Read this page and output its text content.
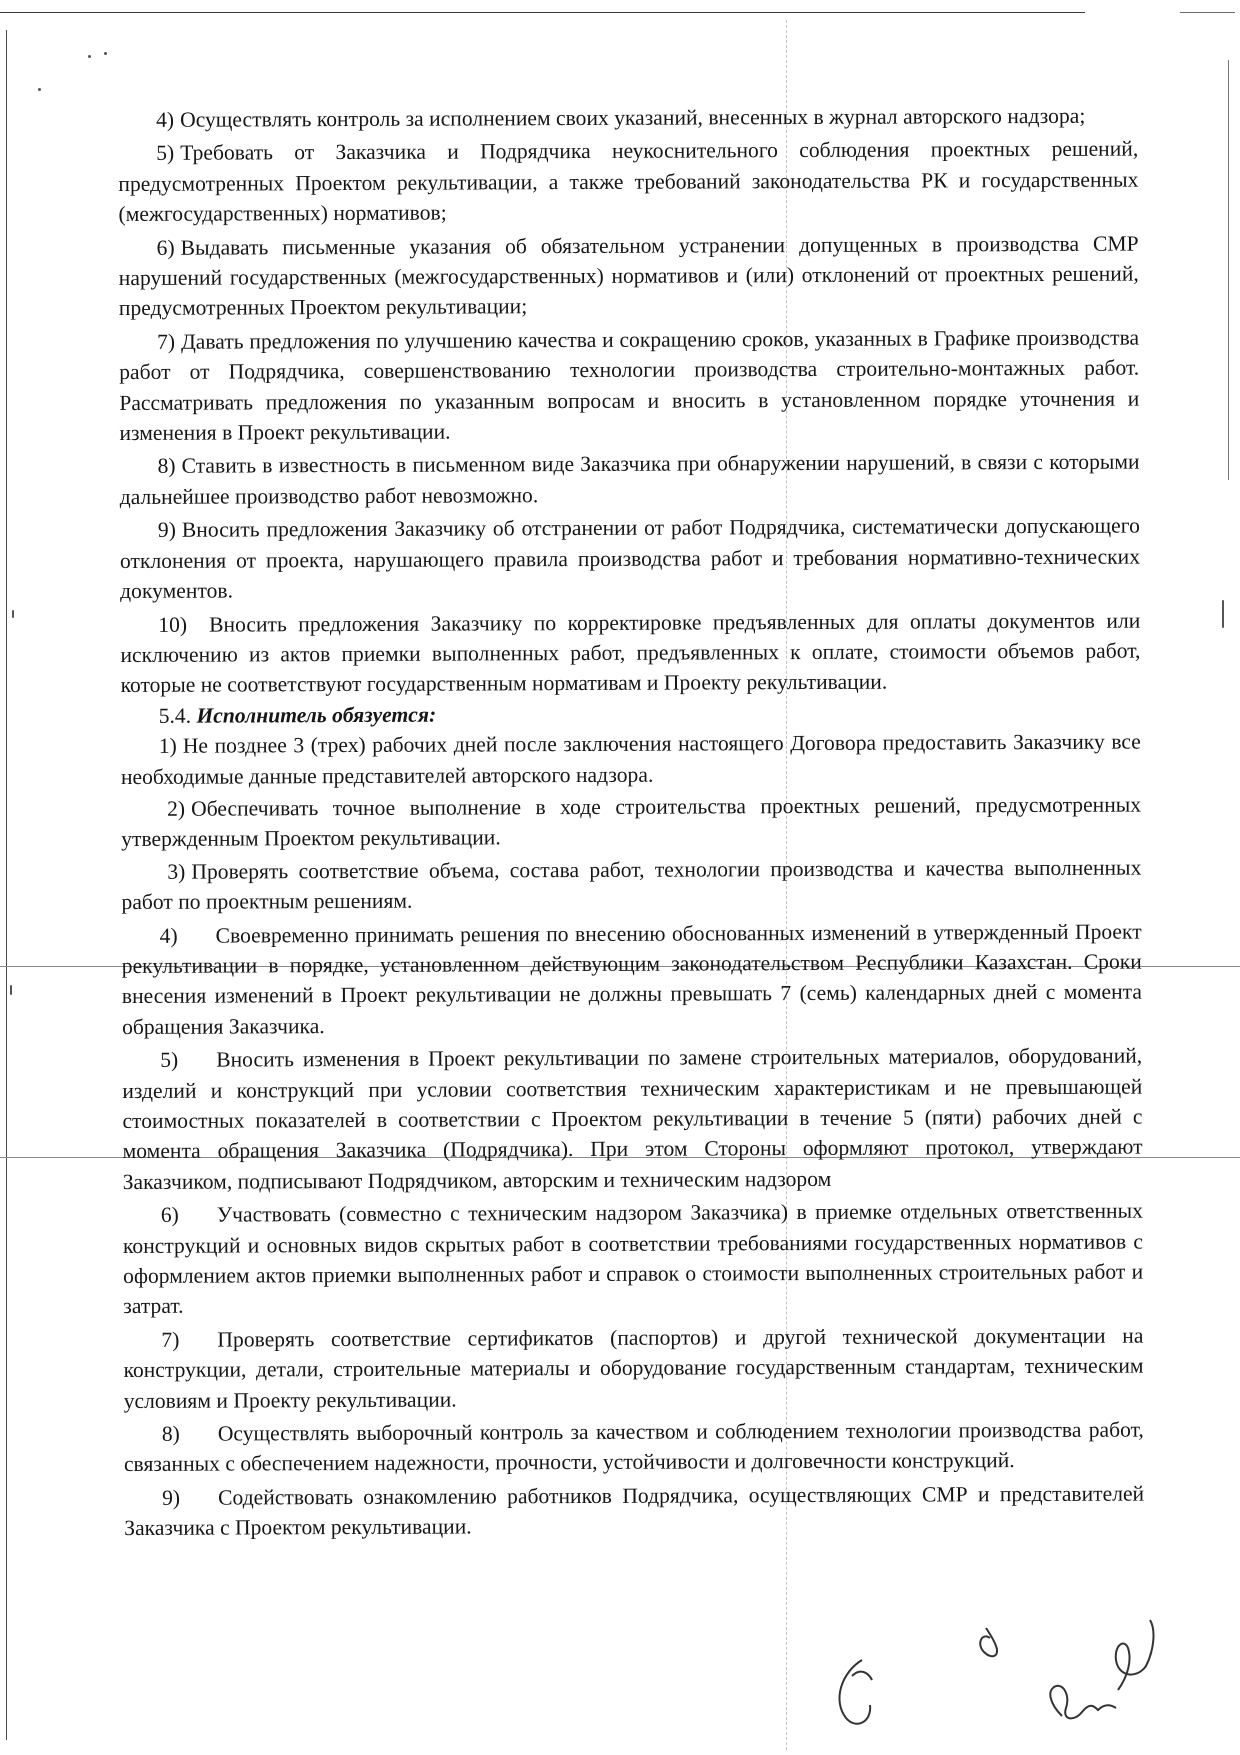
4) Осуществлять контроль за исполнением своих указаний, внесенных в журнал авторского надзора;

5) Требовать от Заказчика и Подрядчика неукоснительного соблюдения проектных решений, предусмотренных Проектом рекультивации, а также требований законодательства РК и государственных (межгосударственных) нормативов;

6) Выдавать письменные указания об обязательном устранении допущенных в производства СМР нарушений государственных (межгосударственных) нормативов и (или) отклонений от проектных решений, предусмотренных Проектом рекультивации;

7) Давать предложения по улучшению качества и сокращению сроков, указанных в Графике производства работ от Подрядчика, совершенствованию технологии производства строительно-монтажных работ. Рассматривать предложения по указанным вопросам и вносить в установленном порядке уточнения и изменения в Проект рекультивации.

8) Ставить в известность в письменном виде Заказчика при обнаружении нарушений, в связи с которыми дальнейшее производство работ невозможно.

9) Вносить предложения Заказчику об отстранении от работ Подрядчика, систематически допускающего отклонения от проекта, нарушающего правила производства работ и требования нормативно-технических документов.

10) Вносить предложения Заказчику по корректировке предъявленных для оплаты документов или исключению из актов приемки выполненных работ, предъявленных к оплате, стоимости объемов работ, которые не соответствуют государственным нормативам и Проекту рекультивации.

5.4. Исполнитель обязуется:

1) Не позднее 3 (трех) рабочих дней после заключения настоящего Договора предоставить Заказчику все необходимые данные представителей авторского надзора.

2) Обеспечивать точное выполнение в ходе строительства проектных решений, предусмотренных утвержденным Проектом рекультивации.

3) Проверять соответствие объема, состава работ, технологии производства и качества выполненных работ по проектным решениям.

4) Своевременно принимать решения по внесению обоснованных изменений в утвержденный Проект рекультивации в порядке, установленном действующим законодательством Республики Казахстан. Сроки внесения изменений в Проект рекультивации не должны превышать 7 (семь) календарных дней с момента обращения Заказчика.

5) Вносить изменения в Проект рекультивации по замене строительных материалов, оборудований, изделий и конструкций при условии соответствия техническим характеристикам и не превышающей стоимостных показателей в соответствии с Проектом рекультивации в течение 5 (пяти) рабочих дней с момента обращения Заказчика (Подрядчика). При этом Стороны оформляют протокол, утверждают Заказчиком, подписывают Подрядчиком, авторским и техническим надзором

6) Участвовать (совместно с техническим надзором Заказчика) в приемке отдельных ответственных конструкций и основных видов скрытых работ в соответствии требованиями государственных нормативов с оформлением актов приемки выполненных работ и справок о стоимости выполненных строительных работ и затрат.

7) Проверять соответствие сертификатов (паспортов) и другой технической документации на конструкции, детали, строительные материалы и оборудование государственным стандартам, техническим условиям и Проекту рекультивации.

8) Осуществлять выборочный контроль за качеством и соблюдением технологии производства работ, связанных с обеспечением надежности, прочности, устойчивости и долговечности конструкций.

9) Содействовать ознакомлению работников Подрядчика, осуществляющих СМР и представителей Заказчика с Проектом рекультивации.
